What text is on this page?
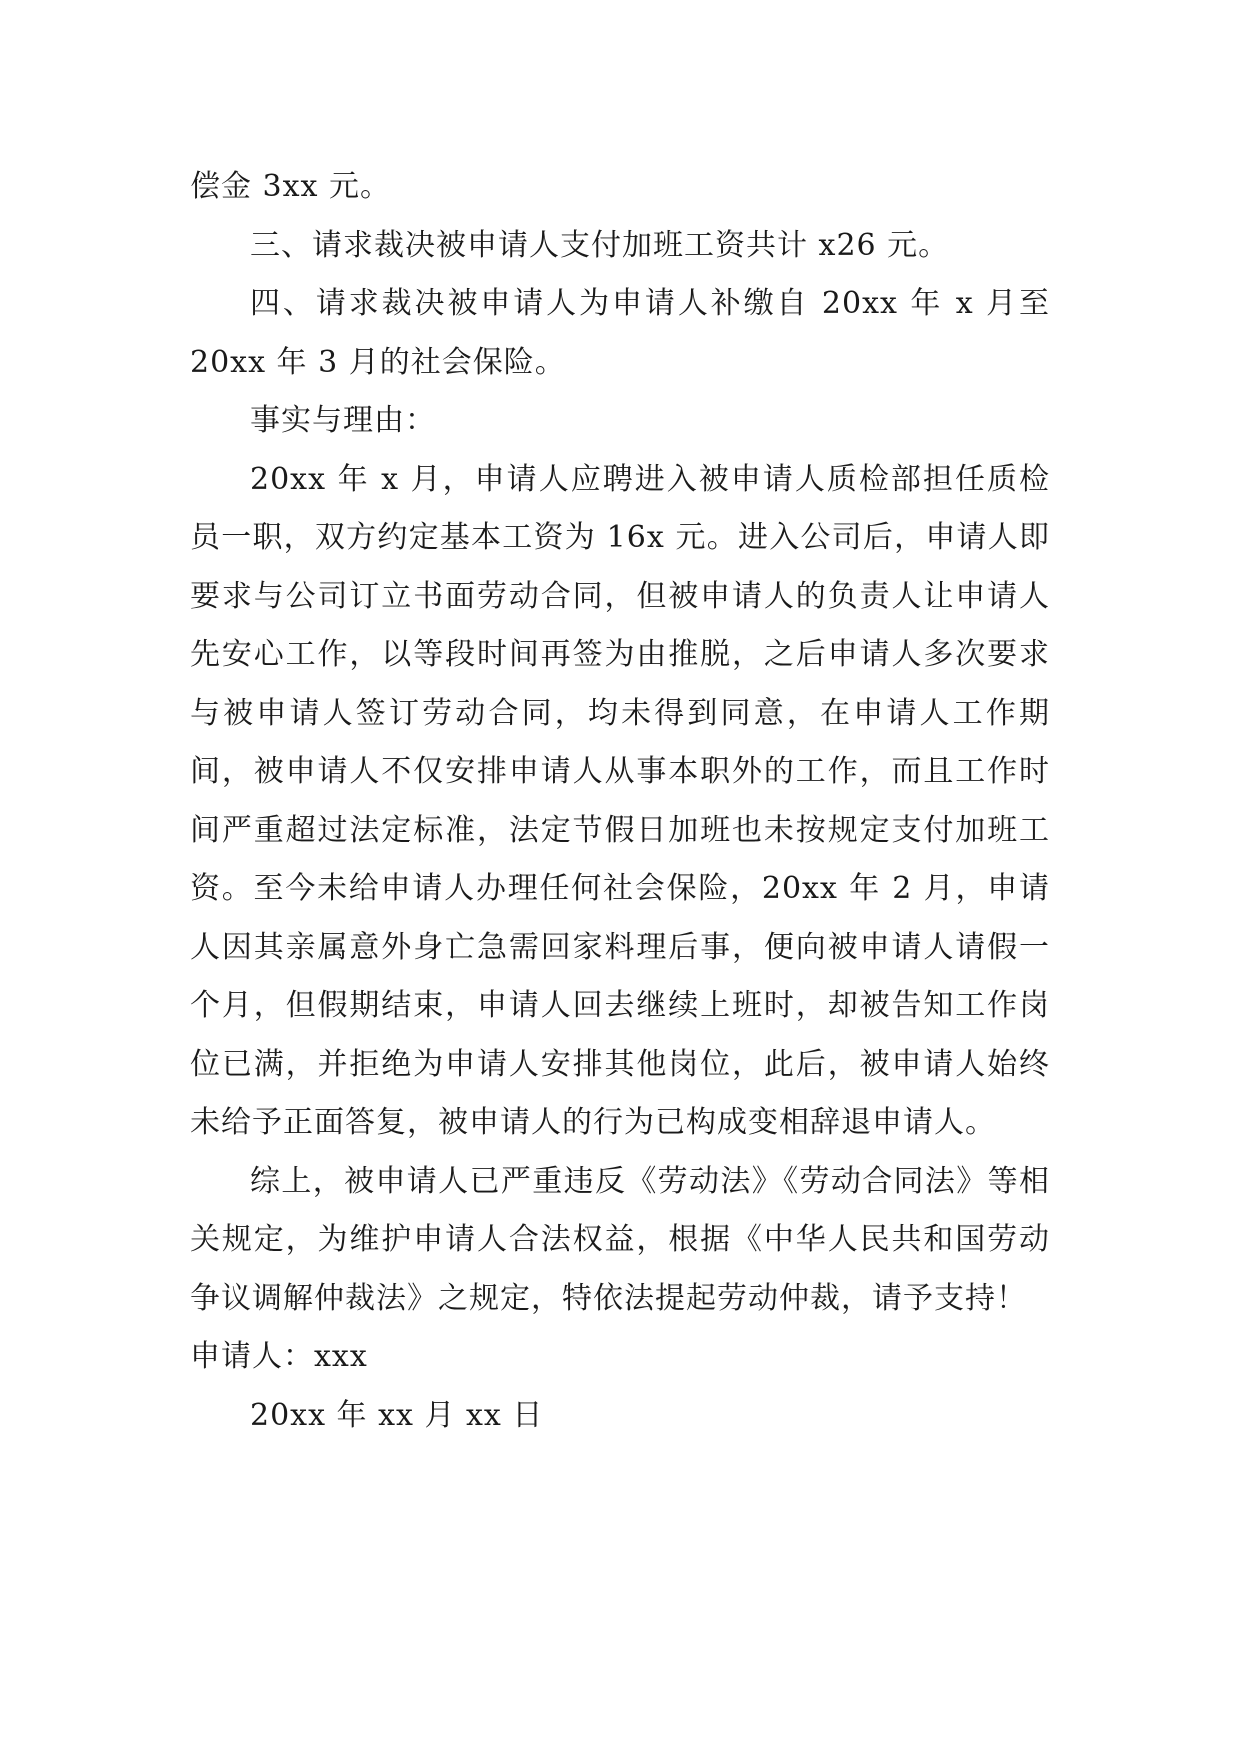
偿金 3xx 元。

三、请求裁决被申请人支付加班工资共计 x26 元。

四、请求裁决被申请人为申请人补缴自 20xx 年 x 月至 20xx 年 3 月的社会保险。

事实与理由：

20xx 年 x 月，申请人应聘进入被申请人质检部担任质检员一职，双方约定基本工资为 16x 元。进入公司后，申请人即要求与公司订立书面劳动合同，但被申请人的负责人让申请人先安心工作，以等段时间再签为由推脱，之后申请人多次要求与被申请人签订劳动合同，均未得到同意，在申请人工作期间，被申请人不仅安排申请人从事本职外的工作，而且工作时间严重超过法定标准，法定节假日加班也未按规定支付加班工资。至今未给申请人办理任何社会保险，20xx 年 2 月，申请人因其亲属意外身亡急需回家料理后事，便向被申请人请假一个月，但假期结束，申请人回去继续上班时，却被告知工作岗位已满，并拒绝为申请人安排其他岗位，此后，被申请人始终未给予正面答复，被申请人的行为已构成变相辞退申请人。

综上，被申请人已严重违反《劳动法》《劳动合同法》等相关规定，为维护申请人合法权益，根据《中华人民共和国劳动争议调解仲裁法》之规定，特依法提起劳动仲裁，请予支持！

申请人：xxx

20xx 年 xx 月 xx 日
